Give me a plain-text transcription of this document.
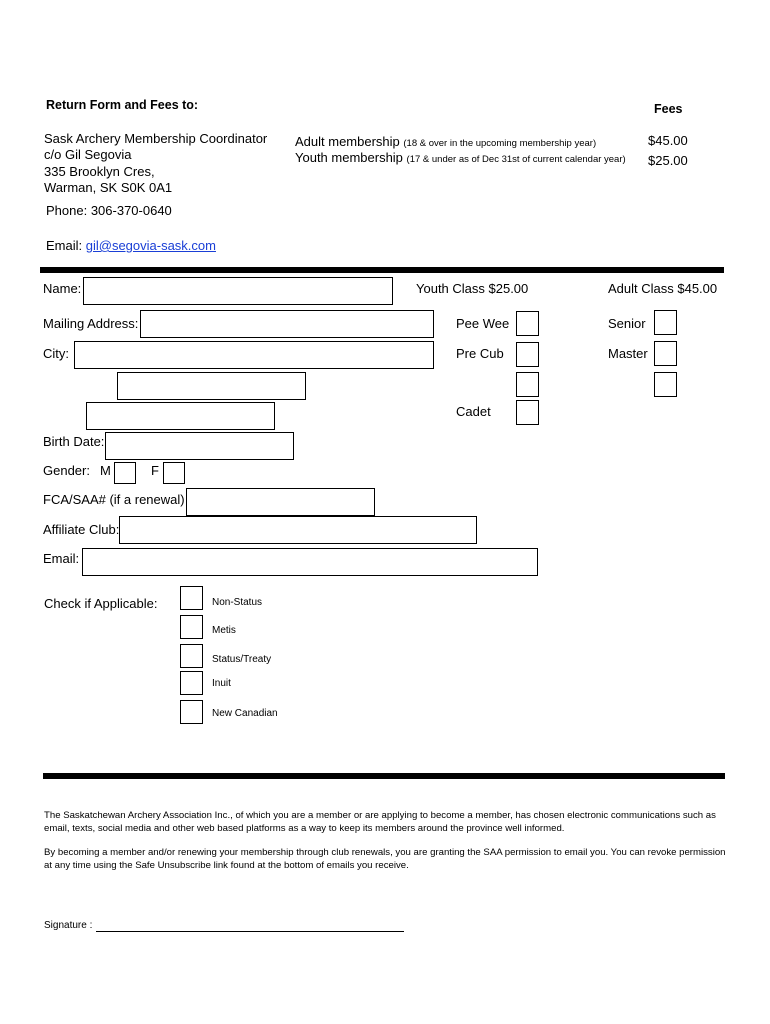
Return Form and Fees to:	Fees
Sask Archery Membership Coordinator
c/o Gil Segovia
335 Brooklyn Cres,
Warman, SK S0K 0A1
Phone: 306-370-0640
Email: gil@segovia-sask.com
Adult membership (18 & over in the upcoming membership year)	$45.00
Youth membership (17 & under as of Dec 31st of current calendar year) $25.00
Name:
Mailing Address:
City:
Birth Date:
Gender: M	F
FCA/SAA# (if a renewal)
Affiliate Club:
Email:
Youth Class $25.00	Adult Class $45.00
Pee Wee
Pre Cub
Cadet
Senior
Master
Check if Applicable:	Non-Status
Metis
Status/Treaty
Inuit
New Canadian
The Saskatchewan Archery Association Inc., of which you are a member or are applying to become a member, has chosen electronic communications such as email, texts, social media and other web based platforms as a way to keep its members around the province well informed.
By becoming a member and/or renewing your membership through club renewals, you are granting the SAA permission to email you. You can revoke permission at any time using the Safe Unsubscribe link found at the bottom of emails you receive.
Signature :
